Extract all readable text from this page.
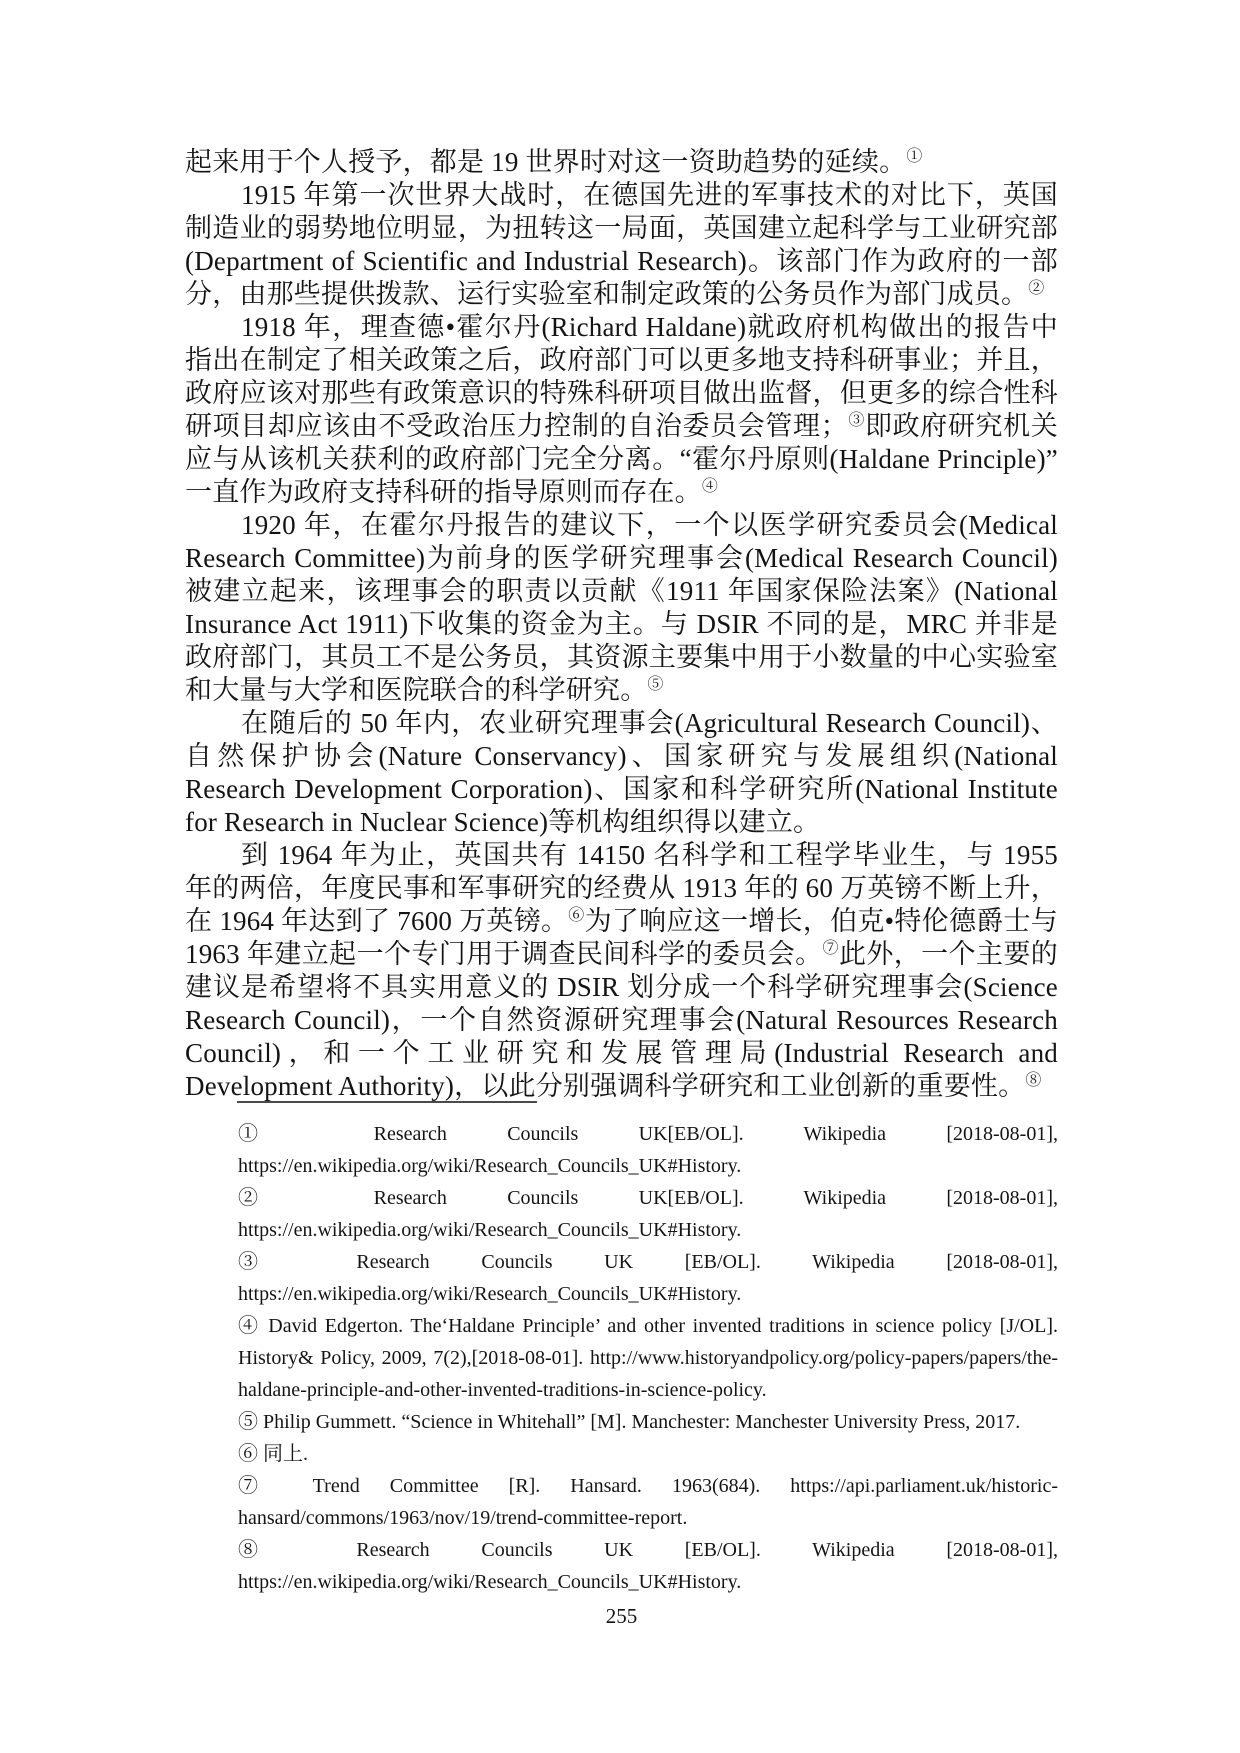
起来用于个人授予，都是 19 世界时对这一资助趋势的延续。①

1915 年第一次世界大战时，在德国先进的军事技术的对比下，英国制造业的弱势地位明显，为扭转这一局面，英国建立起科学与工业研究部(Department of Scientific and Industrial Research)。该部门作为政府的一部分，由那些提供拨款、运行实验室和制定政策的公务员作为部门成员。②

1918 年，理查德•霍尔丹(Richard Haldane)就政府机构做出的报告中指出在制定了相关政策之后，政府部门可以更多地支持科研事业；并且，政府应该对那些有政策意识的特殊科研项目做出监督，但更多的综合性科研项目却应该由不受政治压力控制的自治委员会管理；③即政府研究机关应与从该机关获利的政府部门完全分离。“霍尔丹原则(Haldane Principle)”一直作为政府支持科研的指导原则而存在。④

1920 年，在霍尔丹报告的建议下，一个以医学研究委员会(Medical Research Committee)为前身的医学研究理事会(Medical Research Council)被建立起来，该理事会的职责以贡献《1911 年国家保险法案》(National Insurance Act 1911)下收集的资金为主。与 DSIR 不同的是，MRC 并非是政府部门，其员工不是公务员，其资源主要集中用于小数量的中心实验室和大量与大学和医院联合的科学研究。⑤

在随后的 50 年内，农业研究理事会(Agricultural Research Council)、自然保护协会(Nature Conservancy)、国家研究与发展组织(National Research Development Corporation)、国家和科学研究所(National Institute for Research in Nuclear Science)等机构组织得以建立。

到 1964 年为止，英国共有 14150 名科学和工程学毕业生，与 1955 年的两倍，年度民事和军事研究的经费从 1913 年的 60 万英镑不断上升，在 1964 年达到了 7600 万英镑。⑥为了响应这一增长，伯克•特伦德爵士与 1963 年建立起一个专门用于调查民间科学的委员会。⑦此外，一个主要的建议是希望将不具实用意义的 DSIR 划分成一个科学研究理事会(Science Research Council)，一个自然资源研究理事会(Natural Resources Research Council)，和一个工业研究和发展管理局(Industrial Research and Development Authority)，以此分别强调科学研究和工业创新的重要性。⑧

① Research Councils UK[EB/OL]. Wikipedia [2018-08-01], https://en.wikipedia.org/wiki/Research_Councils_UK#History.
② Research Councils UK[EB/OL]. Wikipedia [2018-08-01], https://en.wikipedia.org/wiki/Research_Councils_UK#History.
③ Research Councils UK [EB/OL]. Wikipedia [2018-08-01], https://en.wikipedia.org/wiki/Research_Councils_UK#History.
④ David Edgerton. The‘Haldane Principle’ and other invented traditions in science policy [J/OL]. History& Policy, 2009, 7(2),[2018-08-01]. http://www.historyandpolicy.org/policy-papers/papers/the-haldane-principle-and-other-invented-traditions-in-science-policy.
⑤ Philip Gummett. “Science in Whitehall” [M]. Manchester: Manchester University Press, 2017.
⑥ 同上.
⑦ Trend Committee [R]. Hansard. 1963(684). https://api.parliament.uk/historic-hansard/commons/1963/nov/19/trend-committee-report.
⑧ Research Councils UK [EB/OL]. Wikipedia [2018-08-01], https://en.wikipedia.org/wiki/Research_Councils_UK#History.
255
